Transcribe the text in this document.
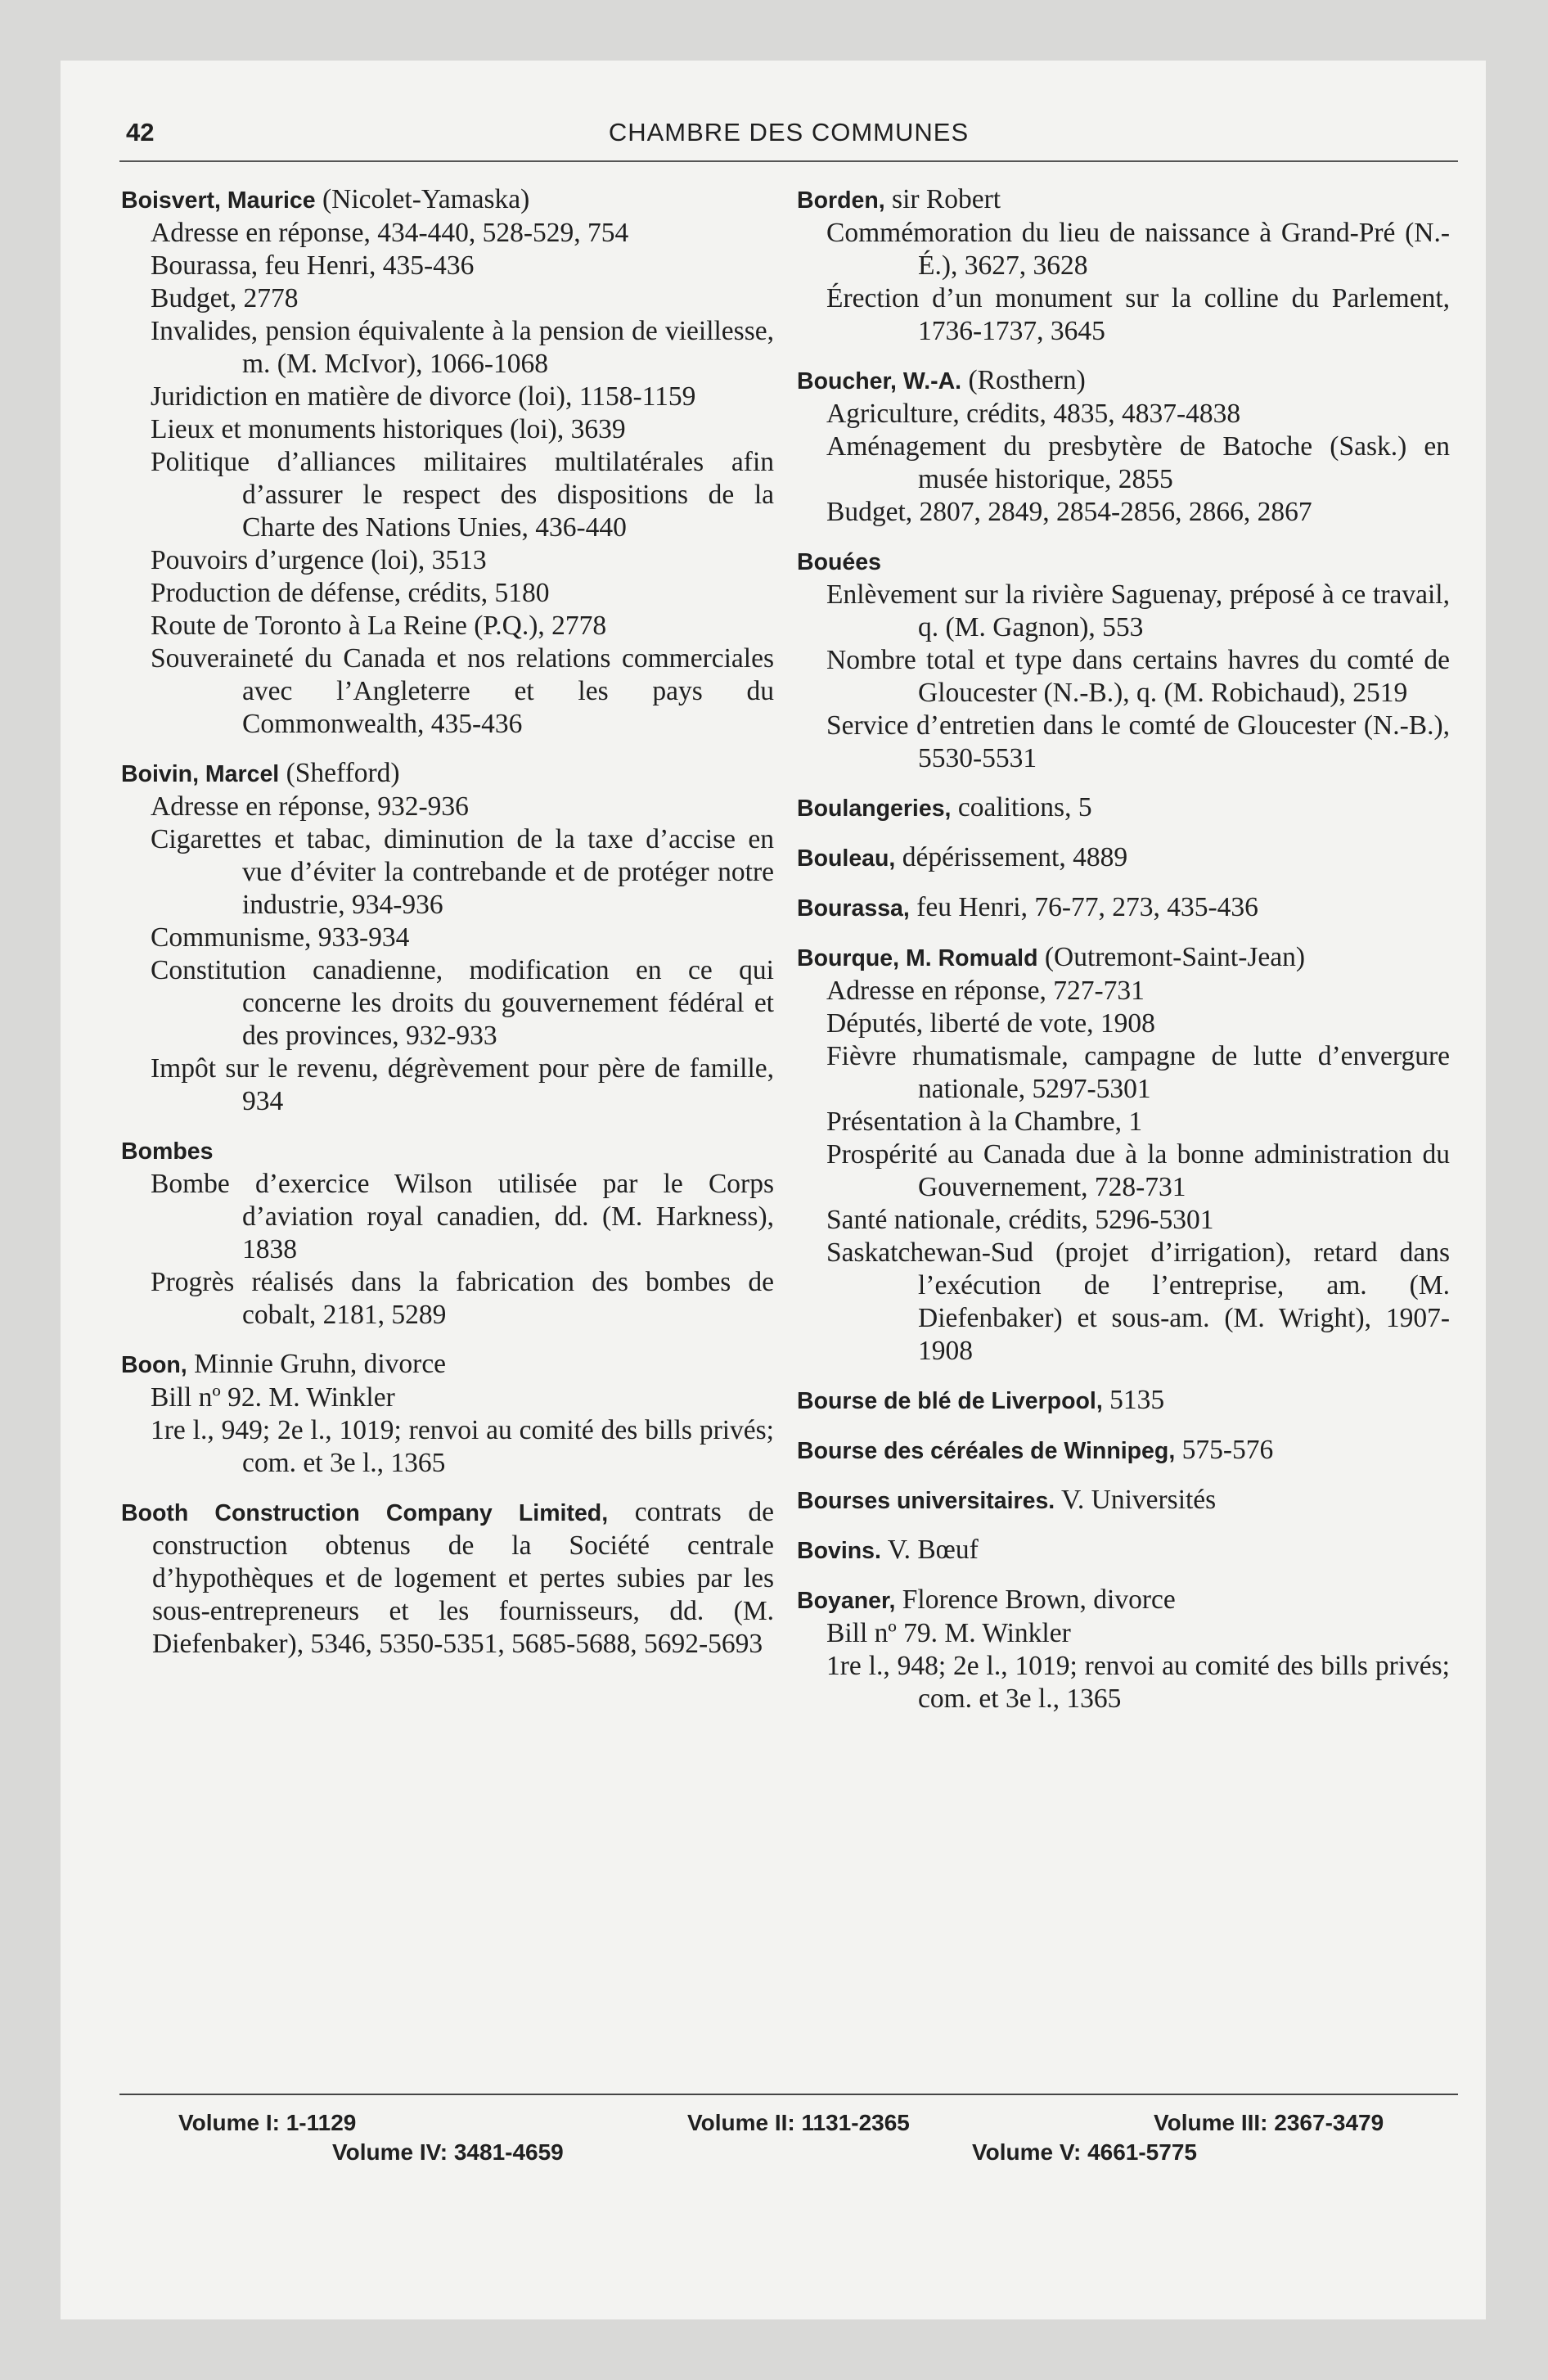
42	CHAMBRE DES COMMUNES
Boisvert, Maurice (Nicolet-Yamaska)
Adresse en réponse, 434-440, 528-529, 754
Bourassa, feu Henri, 435-436
Budget, 2778
Invalides, pension équivalente à la pension de vieillesse, m. (M. McIvor), 1066-1068
Juridiction en matière de divorce (loi), 1158-1159
Lieux et monuments historiques (loi), 3639
Politique d’alliances militaires multilatérales afin d’assurer le respect des dispositions de la Charte des Nations Unies, 436-440
Pouvoirs d’urgence (loi), 3513
Production de défense, crédits, 5180
Route de Toronto à La Reine (P.Q.), 2778
Souveraineté du Canada et nos relations commerciales avec l’Angleterre et les pays du Commonwealth, 435-436
Boivin, Marcel (Shefford)
Adresse en réponse, 932-936
Cigarettes et tabac, diminution de la taxe d’accise en vue d’éviter la contrebande et de protéger notre industrie, 934-936
Communisme, 933-934
Constitution canadienne, modification en ce qui concerne les droits du gouvernement fédéral et des provinces, 932-933
Impôt sur le revenu, dégrèvement pour père de famille, 934
Bombes
Bombe d’exercice Wilson utilisée par le Corps d’aviation royal canadien, dd. (M. Harkness), 1838
Progrès réalisés dans la fabrication des bombes de cobalt, 2181, 5289
Boon, Minnie Gruhn, divorce
Bill nº 92. M. Winkler
1re l., 949; 2e l., 1019; renvoi au comité des bills privés; com. et 3e l., 1365
Booth Construction Company Limited, contrats de construction obtenus de la Société centrale d’hypothèques et de logement et pertes subies par les sous-entrepreneurs et les fournisseurs, dd. (M. Diefenbaker), 5346, 5350-5351, 5685-5688, 5692-5693
Borden, sir Robert
Commémoration du lieu de naissance à Grand-Pré (N.-É.), 3627, 3628
Érection d’un monument sur la colline du Parlement, 1736-1737, 3645
Boucher, W.-A. (Rosthern)
Agriculture, crédits, 4835, 4837-4838
Aménagement du presbytère de Batoche (Sask.) en musée historique, 2855
Budget, 2807, 2849, 2854-2856, 2866, 2867
Bouées
Enlèvement sur la rivière Saguenay, préposé à ce travail, q. (M. Gagnon), 553
Nombre total et type dans certains havres du comté de Gloucester (N.-B.), q. (M. Robichaud), 2519
Service d’entretien dans le comté de Gloucester (N.-B.), 5530-5531
Boulangeries, coalitions, 5
Bouleau, dépérissement, 4889
Bourassa, feu Henri, 76-77, 273, 435-436
Bourque, M. Romuald (Outremont-Saint-Jean)
Adresse en réponse, 727-731
Députés, liberté de vote, 1908
Fièvre rhumatismale, campagne de lutte d’envergure nationale, 5297-5301
Présentation à la Chambre, 1
Prospérité au Canada due à la bonne administration du Gouvernement, 728-731
Santé nationale, crédits, 5296-5301
Saskatchewan-Sud (projet d’irrigation), retard dans l’exécution de l’entreprise, am. (M. Diefenbaker) et sous-am. (M. Wright), 1907-1908
Bourse de blé de Liverpool, 5135
Bourse des céréales de Winnipeg, 575-576
Bourses universitaires. V. Universités
Bovins. V. Bœuf
Boyaner, Florence Brown, divorce
Bill nº 79. M. Winkler
1re l., 948; 2e l., 1019; renvoi au comité des bills privés; com. et 3e l., 1365
Volume I: 1-1129	Volume II: 1131-2365	Volume III: 2367-3479
Volume IV: 3481-4659	Volume V: 4661-5775
